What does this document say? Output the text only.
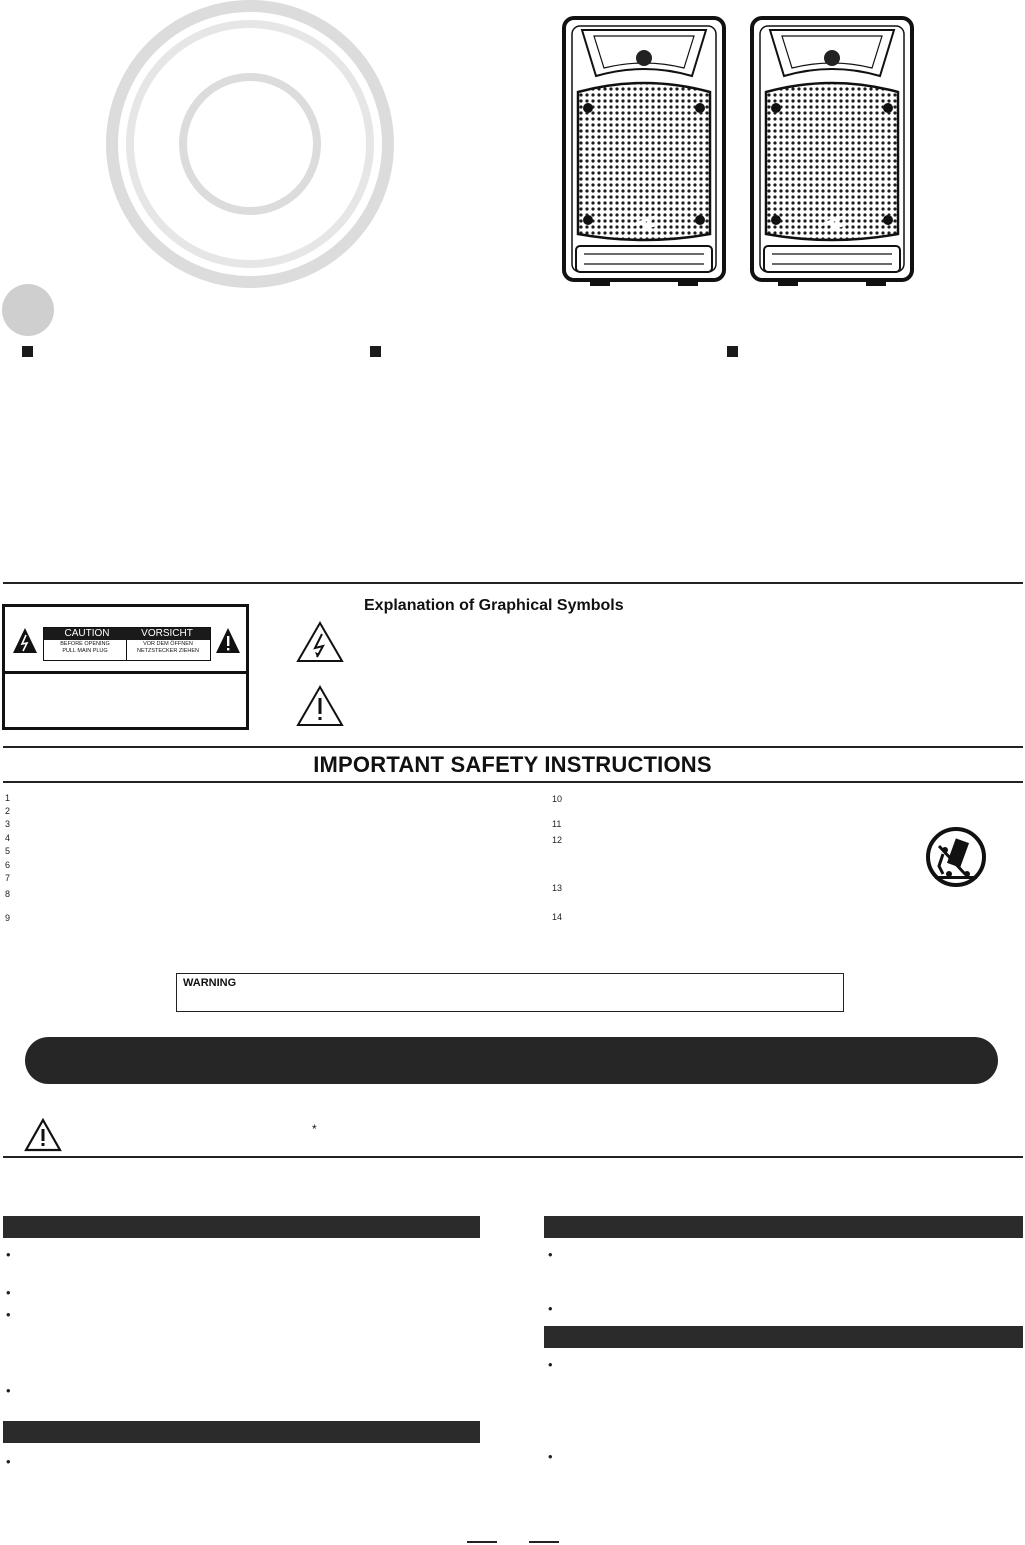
CAUTION	VORSICHT
BEFORE OPENING
PULL MAIN PLUG
VOR DEM ÖFFNEN
NETZSTECKER ZIEHEN
Explanation of Graphical Symbols
IMPORTANT SAFETY INSTRUCTIONS
1
2
3
4
5
6
7
8
9
10
11
12
13
14
WARNING
*
•
•
•
•
•
•
•
•
•
